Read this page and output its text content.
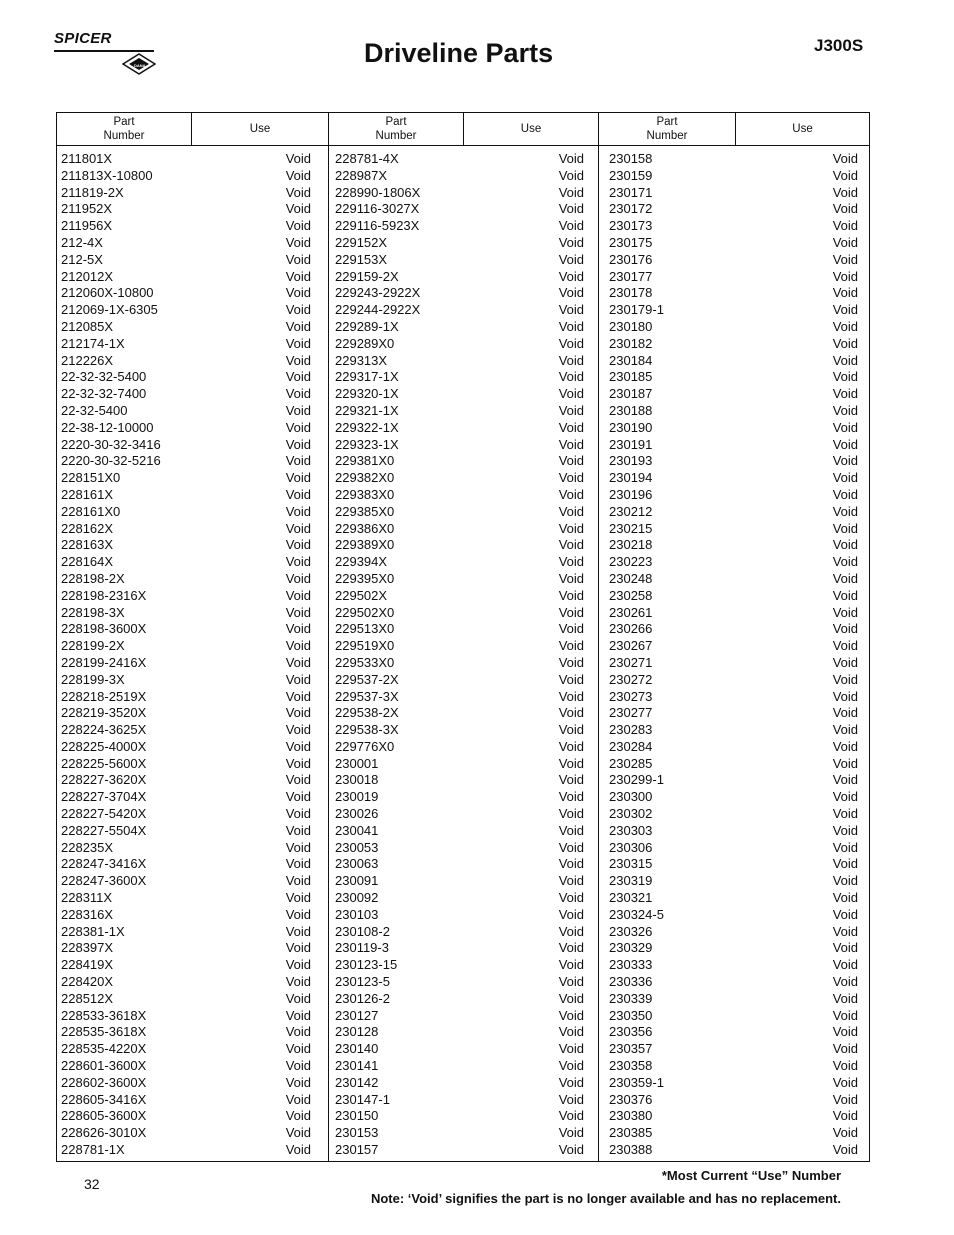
SPICER
DANA	Driveline Parts	J300S
Part
Number
Use
Part
Number
Use
Part
Number
Use
211801X	Void
211813X-10800	Void
211819-2X	Void
211952X	Void
211956X	Void
212-4X	Void
212-5X	Void
212012X	Void
212060X-10800	Void
212069-1X-6305	Void
212085X	Void
212174-1X	Void
212226X	Void
22-32-32-5400	Void
22-32-32-7400	Void
22-32-5400	Void
22-38-12-10000	Void
2220-30-32-3416	Void
2220-30-32-5216	Void
228151X0	Void
228161X	Void
228161X0	Void
228162X	Void
228163X	Void
228164X	Void
228198-2X	Void
228198-2316X	Void
228198-3X	Void
228198-3600X	Void
228199-2X	Void
228199-2416X	Void
228199-3X	Void
228218-2519X	Void
228219-3520X	Void
228224-3625X	Void
228225-4000X	Void
228225-5600X	Void
228227-3620X	Void
228227-3704X	Void
228227-5420X	Void
228227-5504X	Void
228235X	Void
228247-3416X	Void
228247-3600X	Void
228311X	Void
228316X	Void
228381-1X	Void
228397X	Void
228419X	Void
228420X	Void
228512X	Void
228533-3618X	Void
228535-3618X	Void
228535-4220X	Void
228601-3600X	Void
228602-3600X	Void
228605-3416X	Void
228605-3600X	Void
228626-3010X	Void
228781-1X	Void
228781-4X	Void
228987X	Void
228990-1806X	Void
229116-3027X	Void
229116-5923X	Void
229152X	Void
229153X	Void
229159-2X	Void
229243-2922X	Void
229244-2922X	Void
229289-1X	Void
229289X0	Void
229313X	Void
229317-1X	Void
229320-1X	Void
229321-1X	Void
229322-1X	Void
229323-1X	Void
229381X0	Void
229382X0	Void
229383X0	Void
229385X0	Void
229386X0	Void
229389X0	Void
229394X	Void
229395X0	Void
229502X	Void
229502X0	Void
229513X0	Void
229519X0	Void
229533X0	Void
229537-2X	Void
229537-3X	Void
229538-2X	Void
229538-3X	Void
229776X0	Void
230001	Void
230018	Void
230019	Void
230026	Void
230041	Void
230053	Void
230063	Void
230091	Void
230092	Void
230103	Void
230108-2	Void
230119-3	Void
230123-15	Void
230123-5	Void
230126-2	Void
230127	Void
230128	Void
230140	Void
230141	Void
230142	Void
230147-1	Void
230150	Void
230153	Void
230157	Void
230158	Void
230159	Void
230171	Void
230172	Void
230173	Void
230175	Void
230176	Void
230177	Void
230178	Void
230179-1	Void
230180	Void
230182	Void
230184	Void
230185	Void
230187	Void
230188	Void
230190	Void
230191	Void
230193	Void
230194	Void
230196	Void
230212	Void
230215	Void
230218	Void
230223	Void
230248	Void
230258	Void
230261	Void
230266	Void
230267	Void
230271	Void
230272	Void
230273	Void
230277	Void
230283	Void
230284	Void
230285	Void
230299-1	Void
230300	Void
230302	Void
230303	Void
230306	Void
230315	Void
230319	Void
230321	Void
230324-5	Void
230326	Void
230329	Void
230333	Void
230336	Void
230339	Void
230350	Void
230356	Void
230357	Void
230358	Void
230359-1	Void
230376	Void
230380	Void
230385	Void
230388	Void
32
*Most Current “Use” Number
Note: ‘Void’ signifies the part is no longer available and has no replacement.
